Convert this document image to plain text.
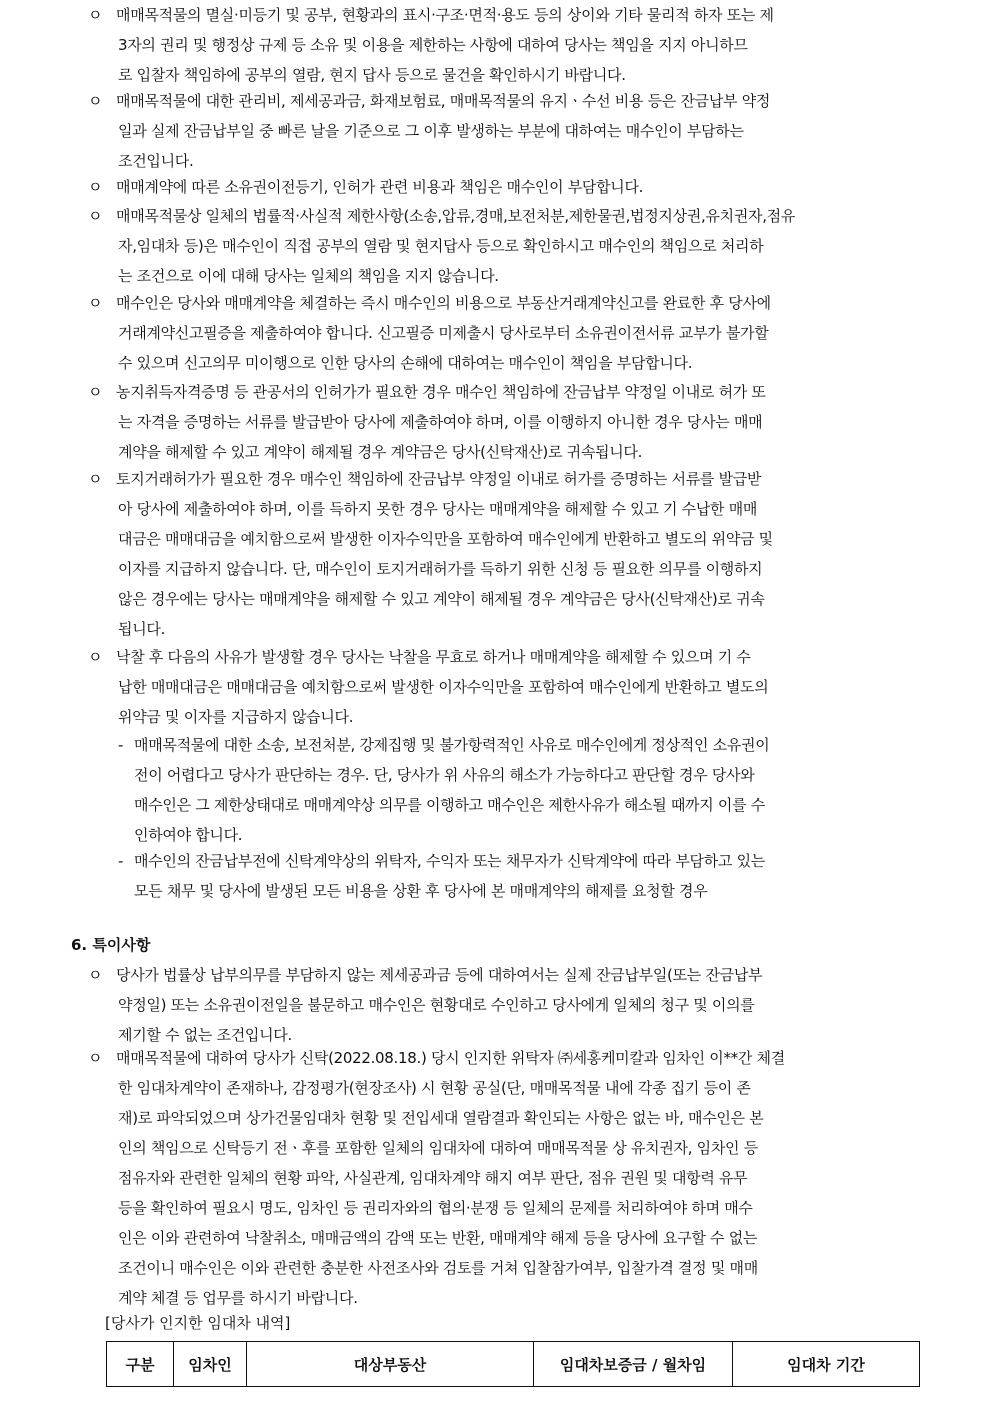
ㅇ 매매목적물의 멸실·미등기 및 공부, 현황과의 표시·구조·면적·용도 등의 상이와 기타 물리적 하자 또는 제
3자의 권리 및 행정상 규제 등 소유 및 이용을 제한하는 사항에 대하여 당사는 책임을 지지 아니하므
로 입찰자 책임하에 공부의 열람, 현지 답사 등으로 물건을 확인하시기 바랍니다.
ㅇ 매매목적물에 대한 관리비, 제세공과금, 화재보험료, 매매목적물의 유지ㆍ수선 비용 등은 잔금납부 약정
일과 실제 잔금납부일 중 빠른 날을 기준으로 그 이후 발생하는 부분에 대하여는 매수인이 부담하는
조건입니다.
ㅇ 매매계약에 따른 소유권이전등기, 인허가 관련 비용과 책임은 매수인이 부담합니다.
ㅇ 매매목적물상 일체의 법률적·사실적 제한사항(소송,압류,경매,보전처분,제한물권,법정지상권,유치권자,점유
자,임대차 등)은 매수인이 직접 공부의 열람 및 현지답사 등으로 확인하시고 매수인의 책임으로 처리하
는 조건으로 이에 대해 당사는 일체의 책임을 지지 않습니다.
ㅇ 매수인은 당사와 매매계약을 체결하는 즉시 매수인의 비용으로 부동산거래계약신고를 완료한 후 당사에
거래계약신고필증을 제출하여야 합니다. 신고필증 미제출시 당사로부터 소유권이전서류 교부가 불가할
수 있으며 신고의무 미이행으로 인한 당사의 손해에 대하여는 매수인이 책임을 부담합니다.
ㅇ 농지취득자격증명 등 관공서의 인허가가 필요한 경우 매수인 책임하에 잔금납부 약정일 이내로 허가 또
는 자격을 증명하는 서류를 발급받아 당사에 제출하여야 하며, 이를 이행하지 아니한 경우 당사는 매매
계약을 해제할 수 있고 계약이 해제될 경우 계약금은 당사(신탁재산)로 귀속됩니다.
ㅇ 토지거래허가가 필요한 경우 매수인 책임하에 잔금납부 약정일 이내로 허가를 증명하는 서류를 발급받
아 당사에 제출하여야 하며, 이를 득하지 못한 경우 당사는 매매계약을 해제할 수 있고 기 수납한 매매
대금은 매매대금을 예치함으로써 발생한 이자수익만을 포함하여 매수인에게 반환하고 별도의 위약금 및
이자를 지급하지 않습니다. 단, 매수인이 토지거래허가를 득하기 위한 신청 등 필요한 의무를 이행하지
않은 경우에는 당사는 매매계약을 해제할 수 있고 계약이 해제될 경우 계약금은 당사(신탁재산)로 귀속
됩니다.
ㅇ 낙찰 후 다음의 사유가 발생할 경우 당사는 낙찰을 무효로 하거나 매매계약을 해제할 수 있으며 기 수
납한 매매대금은 매매대금을 예치함으로써 발생한 이자수익만을 포함하여 매수인에게 반환하고 별도의
위약금 및 이자를 지급하지 않습니다.
- 매매목적물에 대한 소송, 보전처분, 강제집행 및 불가항력적인 사유로 매수인에게 정상적인 소유권이
전이 어렵다고 당사가 판단하는 경우. 단, 당사가 위 사유의 해소가 가능하다고 판단할 경우 당사와
매수인은 그 제한상태대로 매매계약상 의무를 이행하고 매수인은 제한사유가 해소될 때까지 이를 수
인하여야 합니다.
- 매수인의 잔금납부전에 신탁계약상의 위탁자, 수익자 또는 채무자가 신탁계약에 따라 부담하고 있는
모든 채무 및 당사에 발생된 모든 비용을 상환 후 당사에 본 매매계약의 해제를 요청할 경우
6. 특이사항
ㅇ 당사가 법률상 납부의무를 부담하지 않는 제세공과금 등에 대하여서는 실제 잔금납부일(또는 잔금납부
약정일) 또는 소유권이전일을 불문하고 매수인은 현황대로 수인하고 당사에게 일체의 청구 및 이의를
제기할 수 없는 조건입니다.
ㅇ 매매목적물에 대하여 당사가 신탁(2022.08.18.) 당시 인지한 위탁자 ㈜세홍케미칼과 임차인 이**간 체결
한 임대차계약이 존재하나, 감정평가(현장조사) 시 현황 공실(단, 매매목적물 내에 각종 집기 등이 존
재)로 파악되었으며 상가건물임대차 현황 및 전입세대 열람결과 확인되는 사항은 없는 바, 매수인은 본
인의 책임으로 신탁등기 전ㆍ후를 포함한 일체의 임대차에 대하여 매매목적물 상 유치권자, 임차인 등
점유자와 관련한 일체의 현황 파악, 사실관계, 임대차계약 해지 여부 판단, 점유 권원 및 대항력 유무
등을 확인하여 필요시 명도, 임차인 등 권리자와의 협의·분쟁 등 일체의 문제를 처리하여야 하며 매수
인은 이와 관련하여 낙찰취소, 매매금액의 감액 또는 반환, 매매계약 해제 등을 당사에 요구할 수 없는
조건이니 매수인은 이와 관련한 충분한 사전조사와 검토를 거쳐 입찰참가여부, 입찰가격 결정 및 매매
계약 체결 등 업무를 하시기 바랍니다.
[당사가 인지한 임대차 내역]
구분	임차인	대상부동산	임대차보증금 / 월차임	임대차 기간
